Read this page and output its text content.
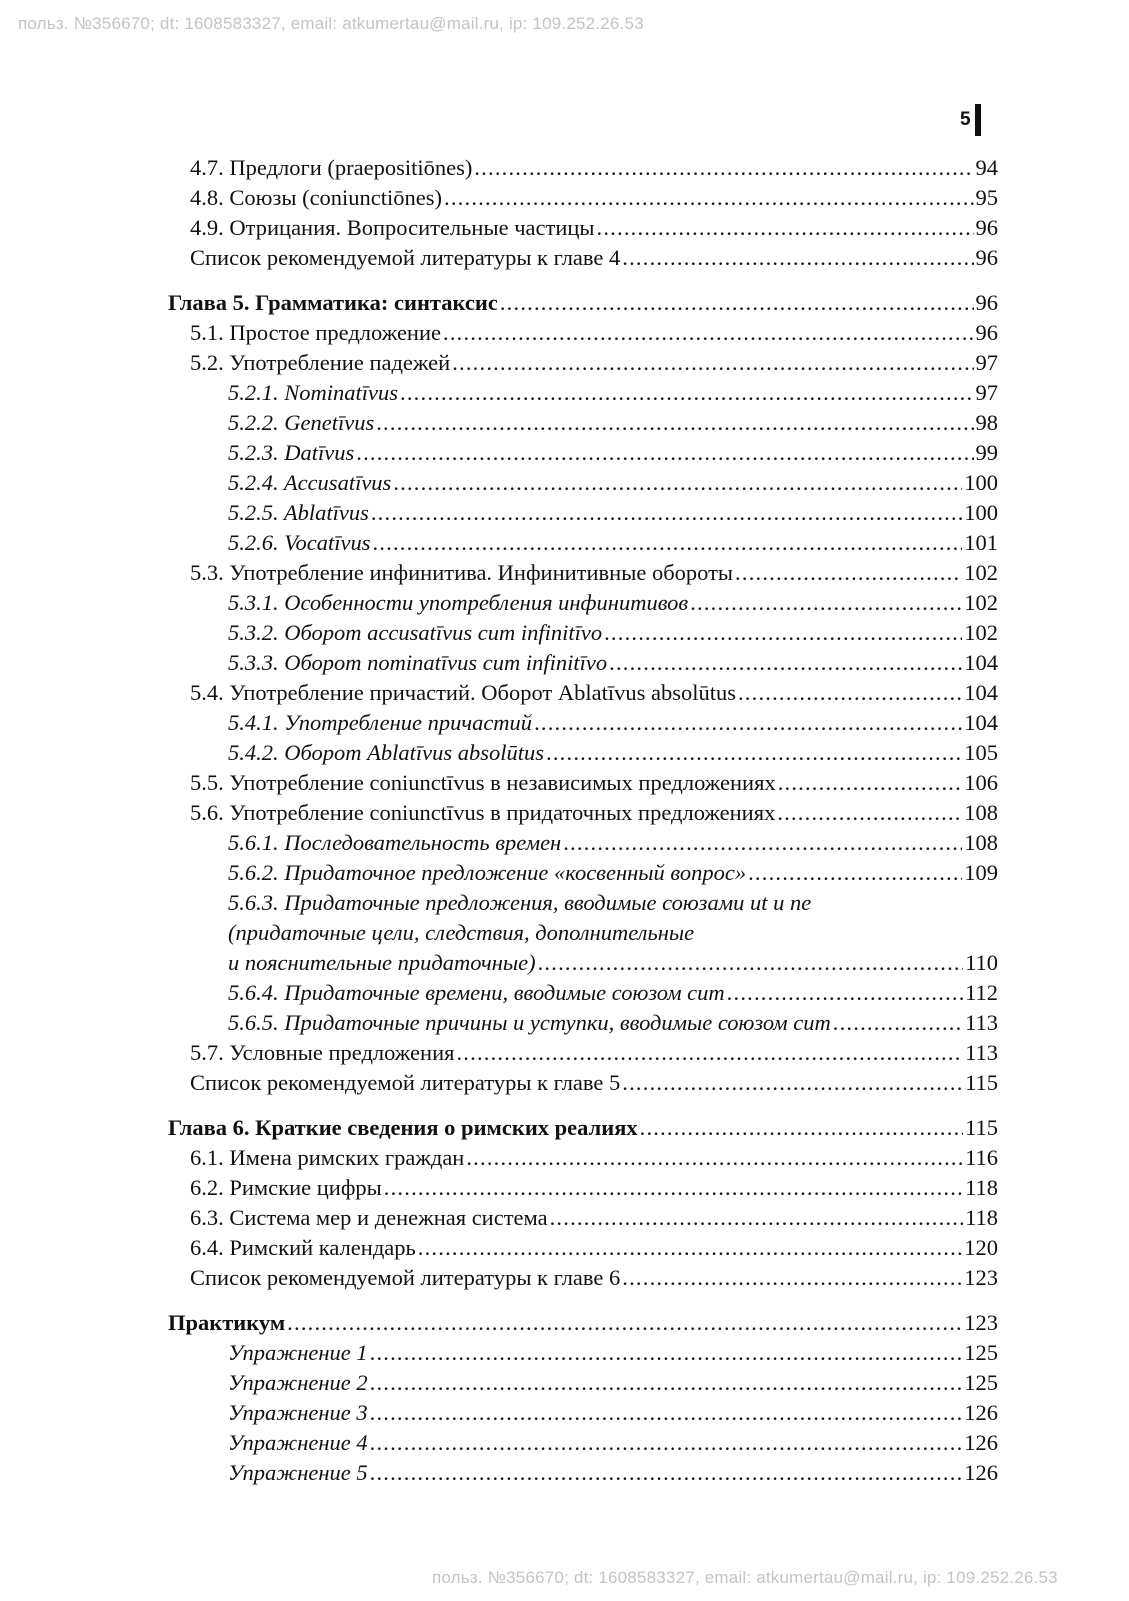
польз. №356670; dt: 1608583327, email: atkumertau@mail.ru, ip: 109.252.26.53
5
4.7. Предлоги (praepositiōnes) .....	94
4.8. Союзы (coniunctiōnes) .....	95
4.9. Отрицания. Вопросительные частицы .....	96
Список рекомендуемой литературы к главе 4 .....	96
Глава 5. Грамматика: синтаксис .....	96
5.1. Простое предложение .....	96
5.2. Употребление падежей .....	97
5.2.1. Nominatīvus .....	97
5.2.2. Genetīvus .....	98
5.2.3. Datīvus .....	99
5.2.4. Accusatīvus .....	100
5.2.5. Ablatīvus .....	100
5.2.6. Vocatīvus .....	101
5.3. Употребление инфинитива. Инфинитивные обороты .....	102
5.3.1. Особенности употребления инфинитивов .....	102
5.3.2. Оборот accusatīvus cum infinitīvo .....	102
5.3.3. Оборот nominatīvus cum infinitīvo .....	104
5.4. Употребление причастий. Оборот Ablatīvus absolūtus .....	104
5.4.1. Употребление причастий .....	104
5.4.2. Оборот Ablatīvus absolūtus .....	105
5.5. Употребление coniunctīvus в независимых предложениях .....	106
5.6. Употребление coniunctīvus в придаточных предложениях .....	108
5.6.1. Последовательность времен .....	108
5.6.2. Придаточное предложение «косвенный вопрос» .....	109
5.6.3. Придаточные предложения, вводимые союзами ut и ne
(придаточные цели, следствия, дополнительные
и пояснительные придаточные) .....	110
5.6.4. Придаточные времени, вводимые союзом cum .....	112
5.6.5. Придаточные причины и уступки, вводимые союзом cum .....	113
5.7. Условные предложения .....	113
Список рекомендуемой литературы к главе 5 .....	115
Глава 6. Краткие сведения о римских реалиях .....	115
6.1. Имена римских граждан .....	116
6.2. Римские цифры .....	118
6.3. Система мер и денежная система .....	118
6.4. Римский календарь .....	120
Список рекомендуемой литературы к главе 6 .....	123
Практикум .....	123
Упражнение 1 .....	125
Упражнение 2 .....	125
Упражнение 3 .....	126
Упражнение 4 .....	126
Упражнение 5 .....	126
польз. №356670; dt: 1608583327, email: atkumertau@mail.ru, ip: 109.252.26.53
